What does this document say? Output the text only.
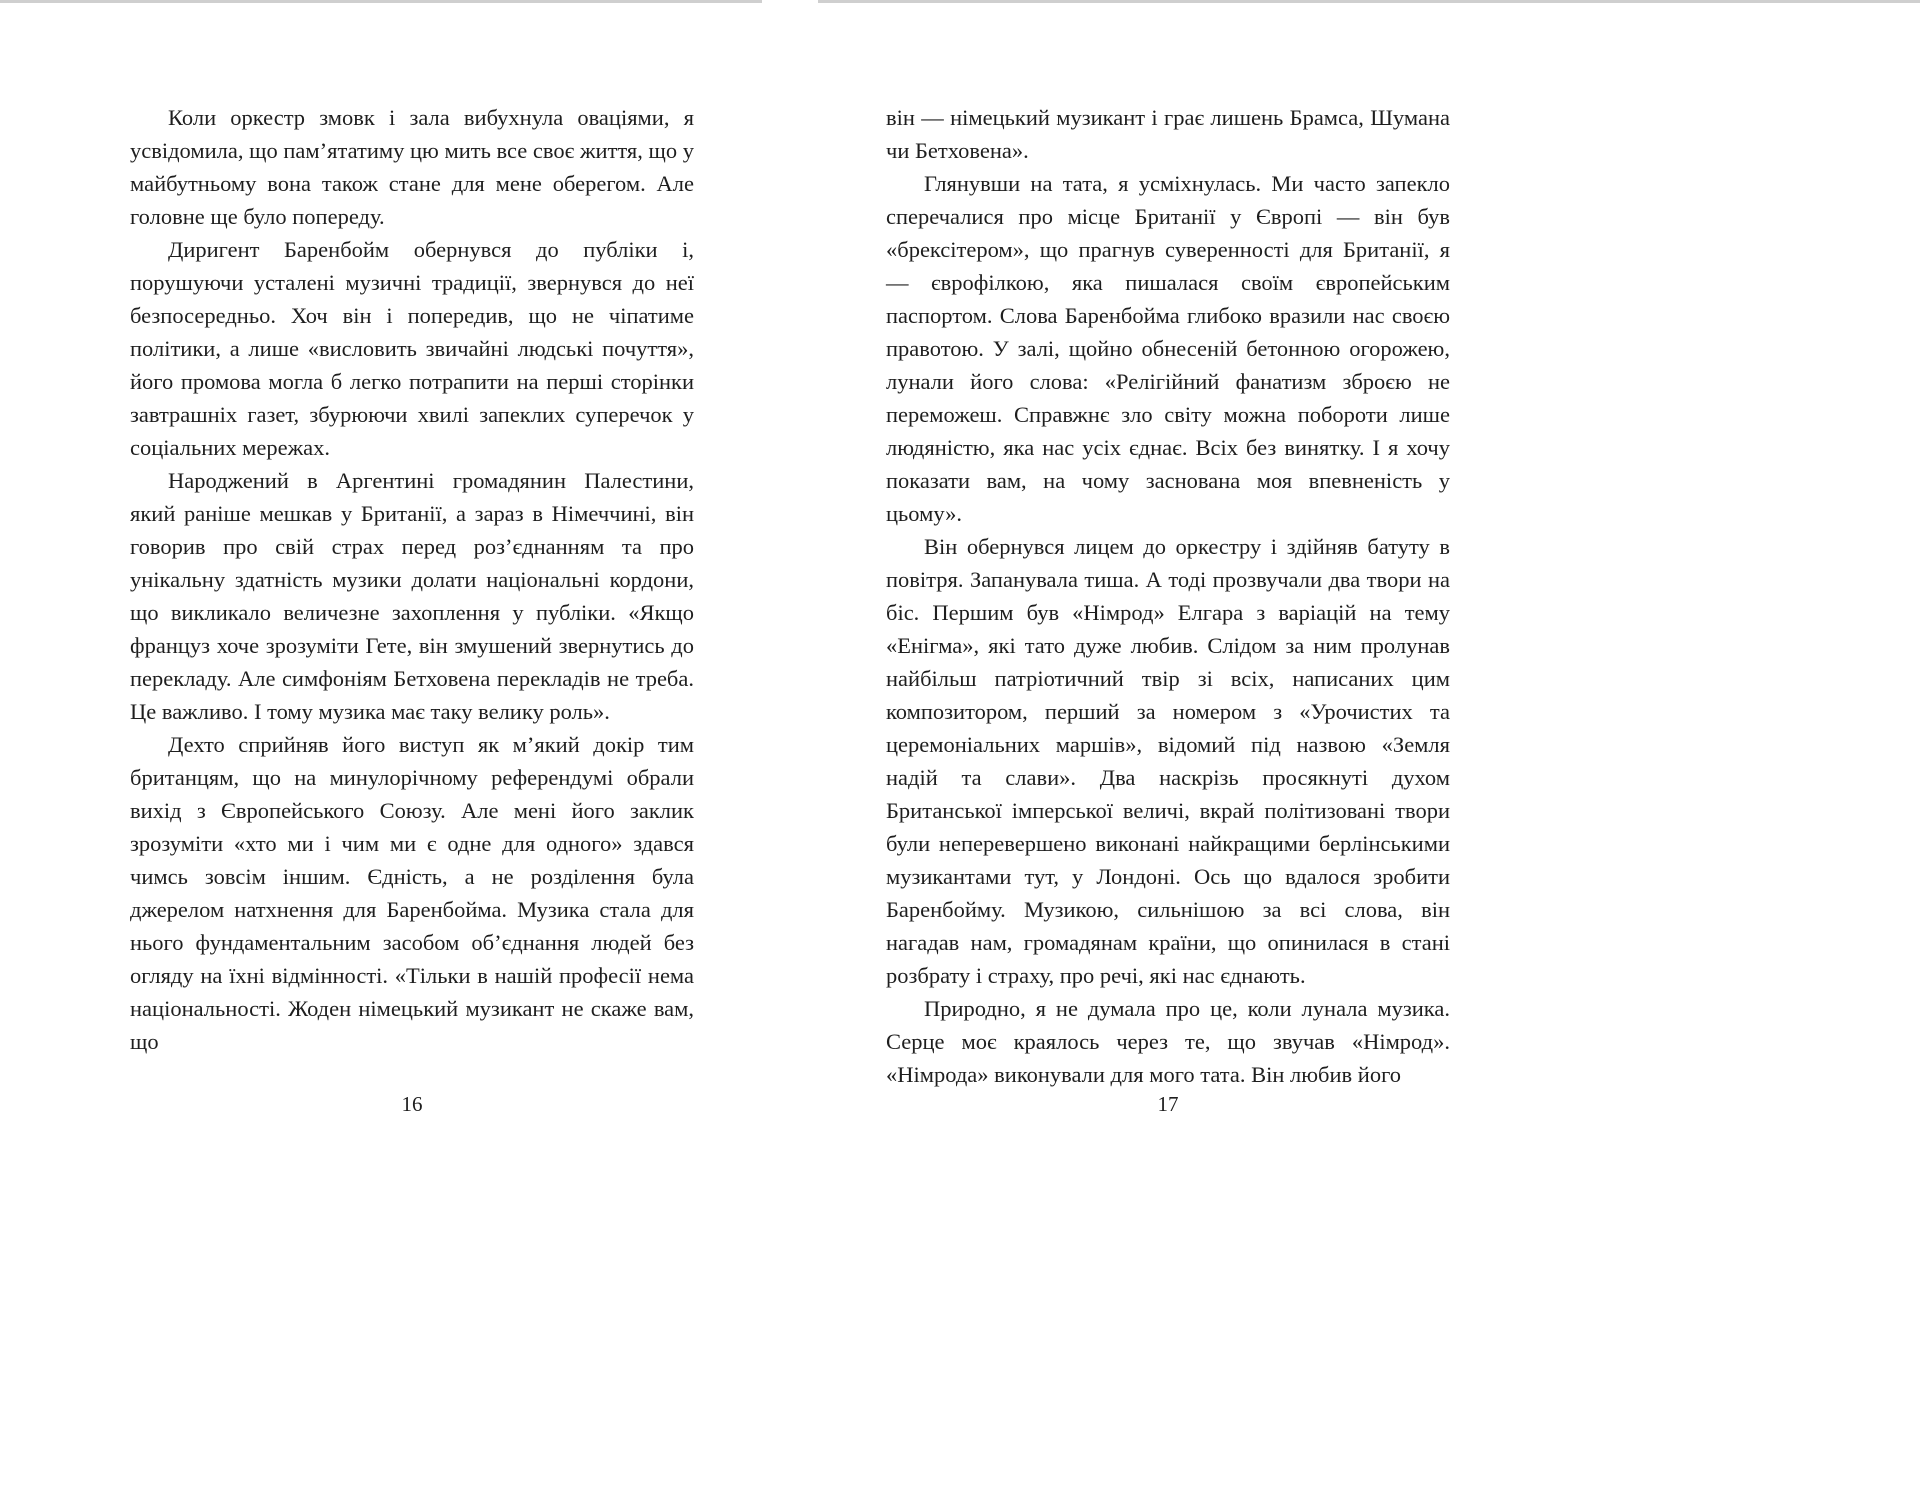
Коли оркестр змовк і зала вибухнула оваціями, я усвідомила, що пам’ятатиму цю мить все своє життя, що у майбутньому вона також стане для мене оберегом. Але головне ще було попереду.

Диригент Баренбойм обернувся до публіки і, порушуючи усталені музичні традиції, звернувся до неї безпосередньо. Хоч він і попередив, що не чіпатиме політики, а лише «висловить звичайні людські почуття», його промова могла б легко потрапити на перші сторінки завтрашніх газет, збурюючи хвилі запеклих суперечок у соціальних мережах.

Народжений в Аргентині громадянин Палестини, який раніше мешкав у Британії, а зараз в Німеччині, він говорив про свій страх перед роз’єднанням та про унікальну здатність музики долати національні кордони, що викликало величезне захоплення у публіки. «Якщо француз хоче зрозуміти Гете, він змушений звернутись до перекладу. Але симфоніям Бетховена перекладів не треба. Це важливо. І тому музика має таку велику роль».

Дехто сприйняв його виступ як м’який докір тим британцям, що на минулорічному референдумі обрали вихід з Європейського Союзу. Але мені його заклик зрозуміти «хто ми і чим ми є одне для одного» здався чимсь зовсім іншим. Єдність, а не розділення була джерелом натхнення для Баренбойма. Музика стала для нього фундаментальним засобом об’єднання людей без огляду на їхні відмінності. «Тільки в нашій професії нема національності. Жоден німецький музикант не скаже вам, що

він — німецький музикант і грає лишень Брамса, Шумана чи Бетховена».

Глянувши на тата, я усміхнулась. Ми часто запекло сперечалися про місце Британії у Європі — він був «брексітером», що прагнув суверенності для Британії, я — єврофілкою, яка пишалася своїм європейським паспортом. Слова Баренбойма глибоко вразили нас своєю правотою. У залі, щойно обнесеній бетонною огорожею, лунали його слова: «Релігійний фанатизм зброєю не переможеш. Справжнє зло світу можна побороти лише людяністю, яка нас усіх єднає. Всіх без винятку. І я хочу показати вам, на чому заснована моя впевненість у цьому».

Він обернувся лицем до оркестру і здійняв батуту в повітря. Запанувала тиша. А тоді прозвучали два твори на біс. Першим був «Німрод» Елгара з варіацій на тему «Енігма», які тато дуже любив. Слідом за ним пролунав найбільш патріотичний твір зі всіх, написаних цим композитором, перший за номером з «Урочистих та церемоніальних маршів», відомий під назвою «Земля надій та слави». Два наскрізь просякнуті духом Британської імперської величі, вкрай політизовані твори були неперевершено виконані найкращими берлінськими музикантами тут, у Лондоні. Ось що вдалося зробити Баренбойму. Музикою, сильнішою за всі слова, він нагадав нам, громадянам країни, що опинилася в стані розбрату і страху, про речі, які нас єднають.

Природно, я не думала про це, коли лунала музика. Серце моє краялось через те, що звучав «Німрод». «Німрода» виконували для мого тата. Він любив його

16	17
